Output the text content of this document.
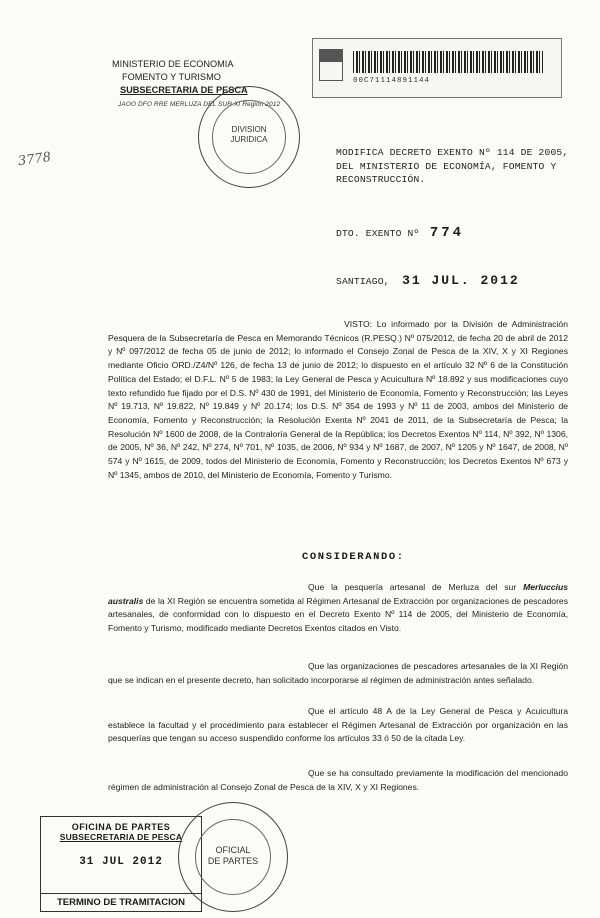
MINISTERIO DE ECONOMIA
FOMENTO Y TURISMO
SUBSECRETARIA DE PESCA
JAOO DFO RRE MERLUZA DEL SUR XI Región 2012
3778
DIVISION
JURIDICA
00C71114891144
MODIFICA DECRETO EXENTO Nº 114 DE 2005,
DEL MINISTERIO DE ECONOMÍA, FOMENTO Y
RECONSTRUCCIÓN.
DTO. EXENTO Nº 774
SANTIAGO, 31 JUL. 2012
VISTO: Lo informado por la División de Administración Pesquera de la Subsecretaría de Pesca en Memorando Técnicos (R.PESQ.) Nº 075/2012, de fecha 20 de abril de 2012 y Nº 097/2012 de fecha 05 de junio de 2012; lo informado el Consejo Zonal de Pesca de la XIV, X y XI Regiones mediante Oficio ORD./Z4/Nº 126, de fecha 13 de junio de 2012; lo dispuesto en el artículo 32 Nº 6 de la Constitución Política del Estado; el D.F.L. Nº 5 de 1983; la Ley General de Pesca y Acuicultura Nº 18.892 y sus modificaciones cuyo texto refundido fue fijado por el D.S. Nº 430 de 1991, del Ministerio de Economía, Fomento y Reconstrucción; las Leyes Nº 19.713, Nº 19.822, Nº 19.849 y Nº 20.174; los D.S. Nº 354 de 1993 y Nº 11 de 2003, ambos del Ministerio de Economía, Fomento y Reconstrucción; la Resolución Exenta Nº 2041 de 2011, de la Subsecretaría de Pesca; la Resolución Nº 1600 de 2008, de la Contraloría General de la República; los Decretos Exentos Nº 114, Nº 392, Nº 1306, de 2005, Nº 36, Nº 242, Nº 274, Nº 701, Nº 1035, de 2006, Nº 934 y Nº 1687, de 2007, Nº 1205 y Nº 1647, de 2008, Nº 574 y Nº 1615, de 2009, todos del Ministerio de Economía, Fomento y Reconstrucción; los Decretos Exentos Nº 673 y Nº 1345, ambos de 2010, del Ministerio de Economía, Fomento y Turismo.
CONSIDERANDO:
Que la pesquería artesanal de Merluza del sur Merluccius australis de la XI Región se encuentra sometida al Régimen Artesanal de Extracción por organizaciones de pescadores artesanales, de conformidad con lo dispuesto en el Decreto Exento Nº 114 de 2005, del Ministerio de Economía, Fomento y Turismo, modificado mediante Decretos Exentos citados en Visto.
Que las organizaciones de pescadores artesanales de la XI Región que se indican en el presente decreto, han solicitado incorporarse al régimen de administración antes señalado.
Que el artículo 48 A de la Ley General de Pesca y Acuicultura establece la facultad y el procedimiento para establecer el Régimen Artesanal de Extracción por organización en las pesquerías que tengan su acceso suspendido conforme los artículos 33 ó 50 de la citada Ley.
Que se ha consultado previamente la modificación del mencionado régimen de administración al Consejo Zonal de Pesca de la XIV, X y XI Regiones.
OFICINA DE PARTES
SUBSECRETARIA DE PESCA
31 JUL 2012
TERMINO DE TRAMITACION
OFICIAL
DE PARTES
